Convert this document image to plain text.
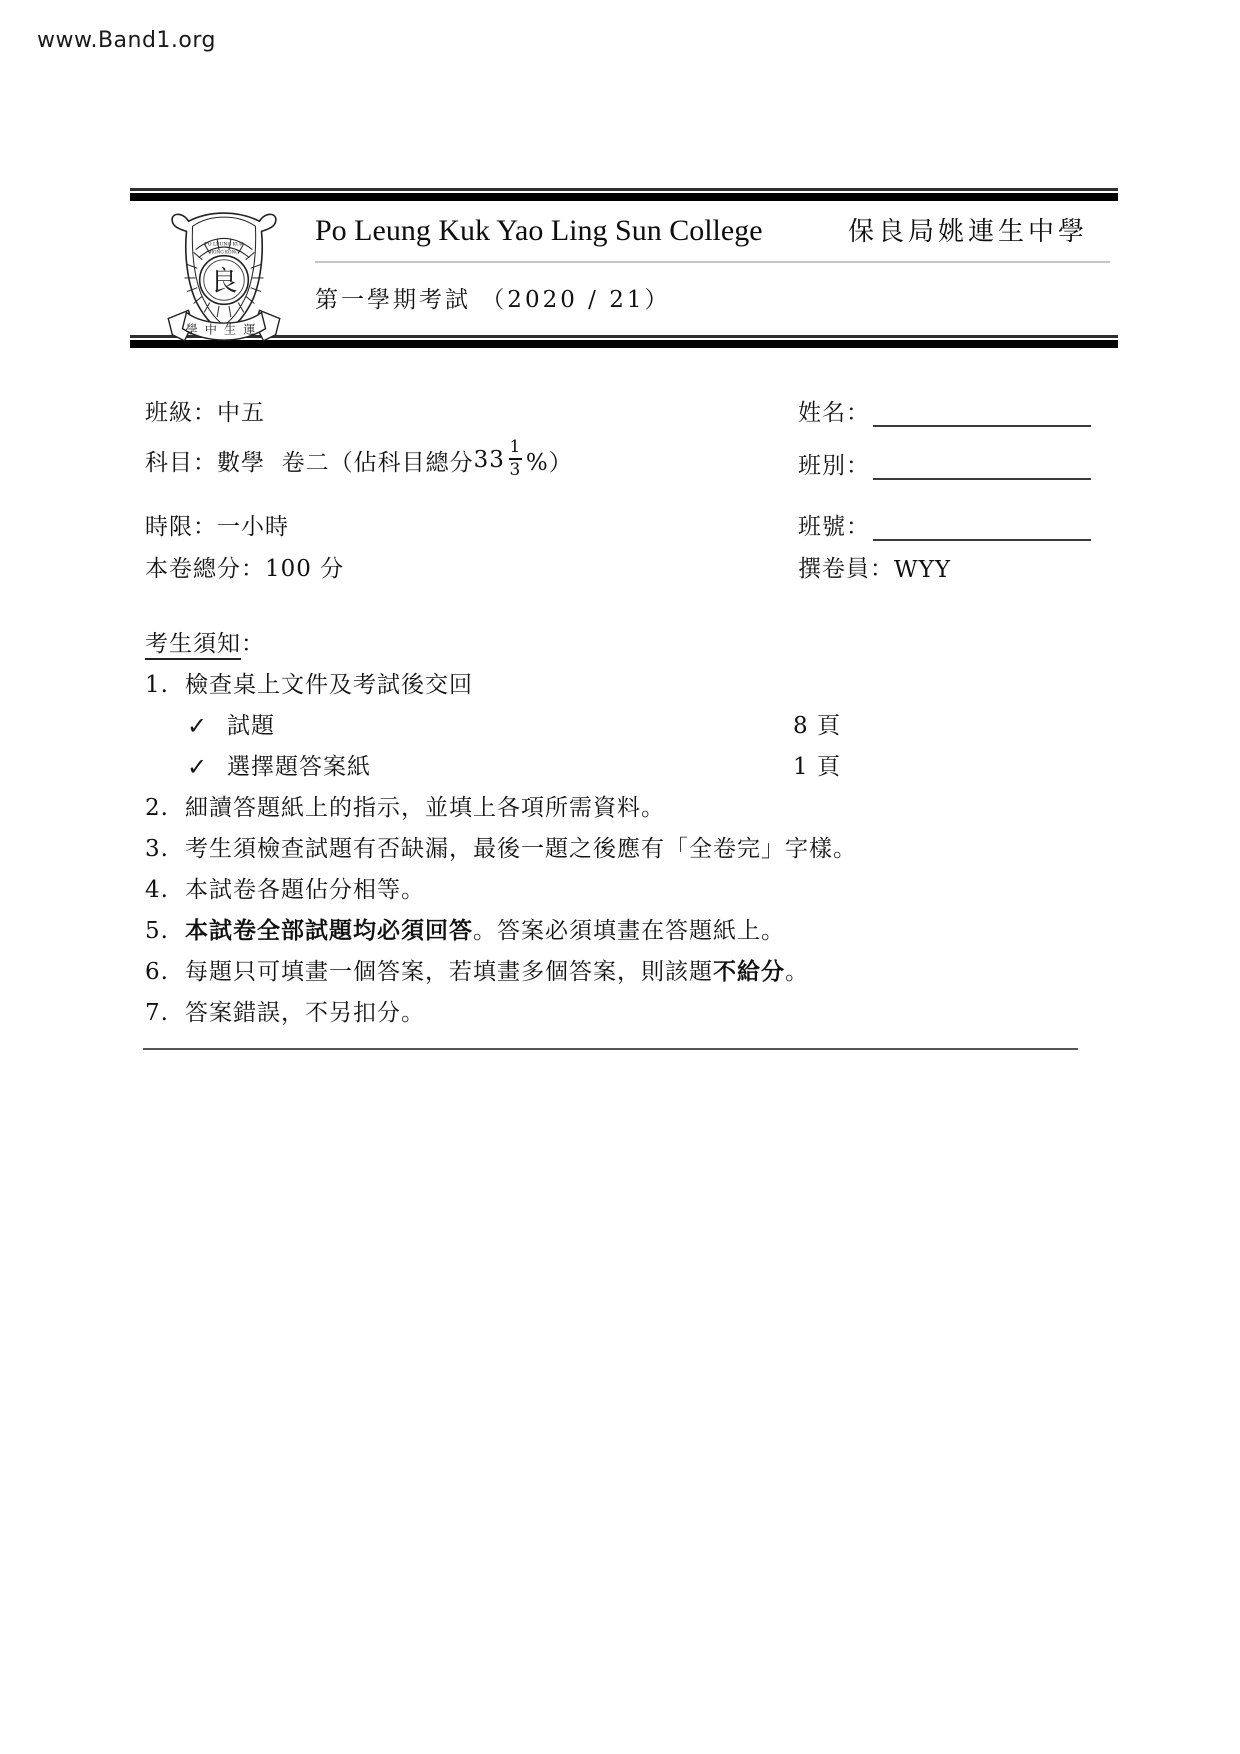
www.Band1.org
PO LEUNG KUK
HONG KONG
良
學中生運
Po Leung Kuk Yao Ling Sun College	保良局姚連生中學
第一學期考試 （2020 / 21）
班級： 中五	姓名：
科目： 數學  卷二（佔科目總分 $33 \frac{1}{3}$ %）	班別：
時限： 一小時	班號：
本卷總分： 100 分	撰卷員： WYY
考生須知：
1. 檢查桌上文件及考試後交回
✓ 試題	8 頁
✓ 選擇題答案紙	1 頁
2. 細讀答題紙上的指示，並填上各項所需資料。
3. 考生須檢查試題有否缺漏，最後一題之後應有「全卷完」字樣。
4. 本試卷各題佔分相等。
5. 本試卷全部試題均必須回答。答案必須填畫在答題紙上。
6. 每題只可填畫一個答案，若填畫多個答案，則該題不給分。
7. 答案錯誤，不另扣分。
